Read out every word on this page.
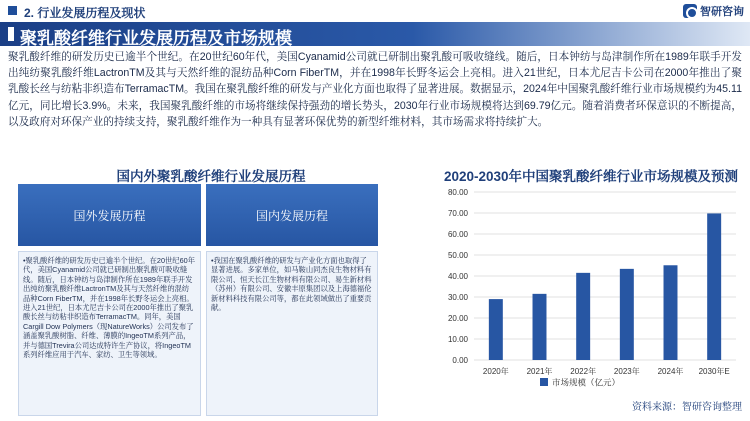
2. 行业发展历程及现状	智研咨询
聚乳酸纤维行业发展历程及市场规模

聚乳酸纤维的研发历史已逾半个世纪。在20世纪60年代，美国Cyanamid公司就已研制出聚乳酸可吸收缝线。随后，日本钟纺与岛津制作所在1989年联手开发出纯纺聚乳酸纤维LactronTM及其与天然纤维的混纺品种Corn FiberTM，并在1998年长野冬运会上亮相。进入21世纪，日本尤尼吉卡公司在2000年推出了聚乳酸长丝与纺粘非织造布TerramacTM。我国在聚乳酸纤维的研发与产业化方面也取得了显著进展。数据显示，2024年中国聚乳酸纤维行业市场规模约为45.11亿元，同比增长3.9%。未来，我国聚乳酸纤维的市场将继续保持强劲的增长势头，2030年行业市场规模将达到69.79亿元。随着消费者环保意识的不断提高，以及政府对环保产业的持续支持，聚乳酸纤维作为一种具有显著环保优势的新型纤维材料，其市场需求将持续扩大。

国内外聚乳酸纤维行业发展历程	2020-2030年中国聚乳酸纤维行业市场规模及预测
国外发展历程
•聚乳酸纤维的研发历史已逾半个世纪。在20世纪60年代，美国Cyanamid公司就已研制出聚乳酸可吸收缝线。随后，日本钟纺与岛津制作所在1989年联手开发出纯纺聚乳酸纤维LactronTM及其与天然纤维的混纺品种Corn FiberTM，并在1998年长野冬运会上亮相。进入21世纪，日本尤尼吉卡公司在2000年推出了聚乳酸长丝与纺粘非织造布TerramacTM。同年，美国Cargill Dow Polymers（现NatureWorks）公司发布了涵盖聚乳酸树脂、纤维、薄膜的IngeoTM系列产品，并与德国Trevira公司达成特许生产协议，将IngeoTM系列纤维应用于汽车、家纺、卫生等领域。
国内发展历程
•我国在聚乳酸纤维的研发与产业化方面也取得了显著进展。多家单位，如马鞍山同杰良生物材料有限公司、恒天长江生物材料有限公司、易生新材料（苏州）有限公司、安徽丰原集团以及上海德福伦新材料科技有限公司等，都在此领域做出了重要贡献。
0.00
10.00
20.00
30.00
40.00
50.00
60.00
70.00
80.00
2020年 2021年 2022年 2023年 2024年 2030年E
市场规模（亿元）
资料来源：智研咨询整理
